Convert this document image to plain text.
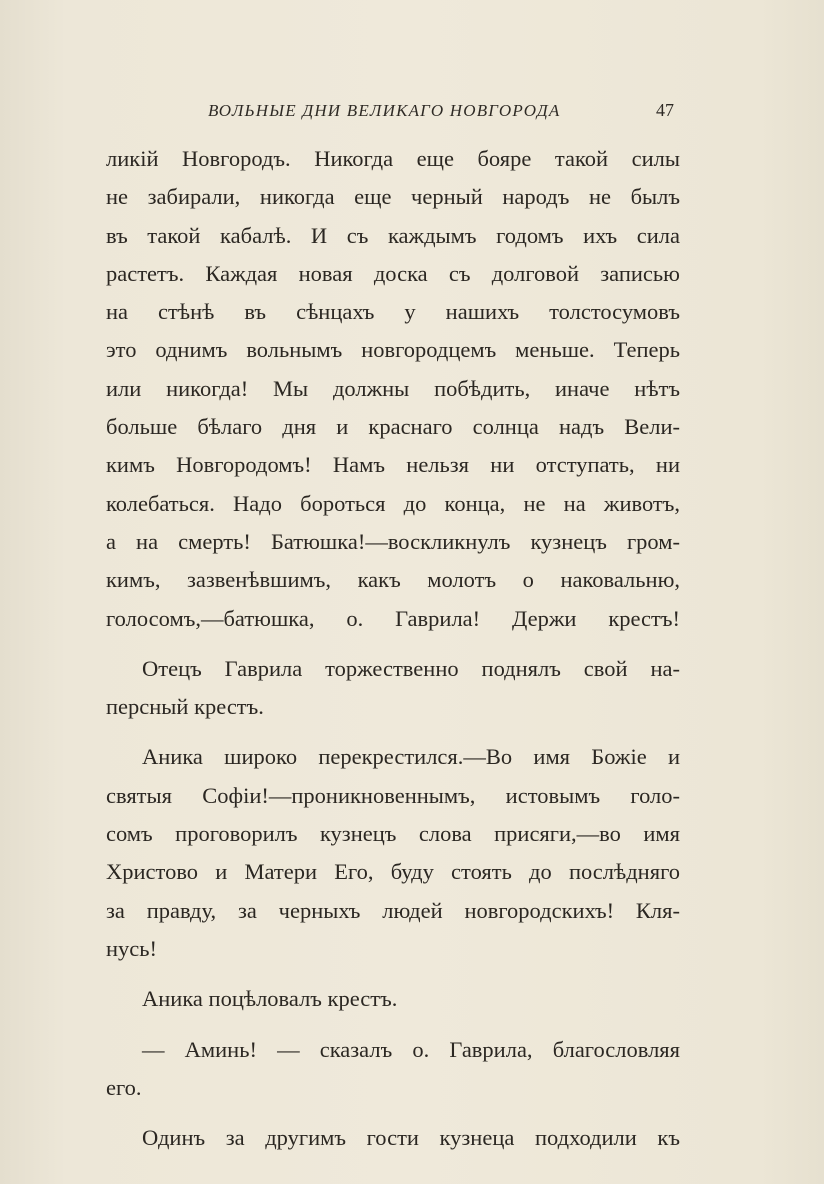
ВОЛЬНЫЕ ДНИ ВЕЛИКАГО НОВГОРОДА	47
ликій Новгородъ. Никогда еще бояре такой силы
не забирали, никогда еще черный народъ не былъ
въ такой кабалѣ. И съ каждымъ годомъ ихъ сила
растетъ. Каждая новая доска съ долговой записью
на стѣнѣ въ сѣнцахъ у нашихъ толстосумовъ
это однимъ вольнымъ новгородцемъ меньше. Теперь
или никогда! Мы должны побѣдить, иначе нѣтъ
больше бѣлаго дня и краснаго солнца надъ Вели-
кимъ Новгородомъ! Намъ нельзя ни отступать, ни
колебаться. Надо бороться до конца, не на животъ,
а на смерть! Батюшка!—воскликнулъ кузнецъ гром-
кимъ, зазвенѣвшимъ, какъ молотъ о наковальню,
голосомъ,—батюшка, о. Гаврила! Держи крестъ!
Отецъ Гаврила торжественно поднялъ свой на-
персный крестъ.
Аника широко перекрестился.—Во имя Божіе и
святыя Софіи!—проникновеннымъ, истовымъ голо-
сомъ проговорилъ кузнецъ слова присяги,—во имя
Христово и Матери Его, буду стоять до послѣдняго
за правду, за черныхъ людей новгородскихъ! Кля-
нусь!
Аника поцѣловалъ крестъ.
— Аминь! — сказалъ о. Гаврила, благословляя
его.
Одинъ за другимъ гости кузнеца подходили къ
